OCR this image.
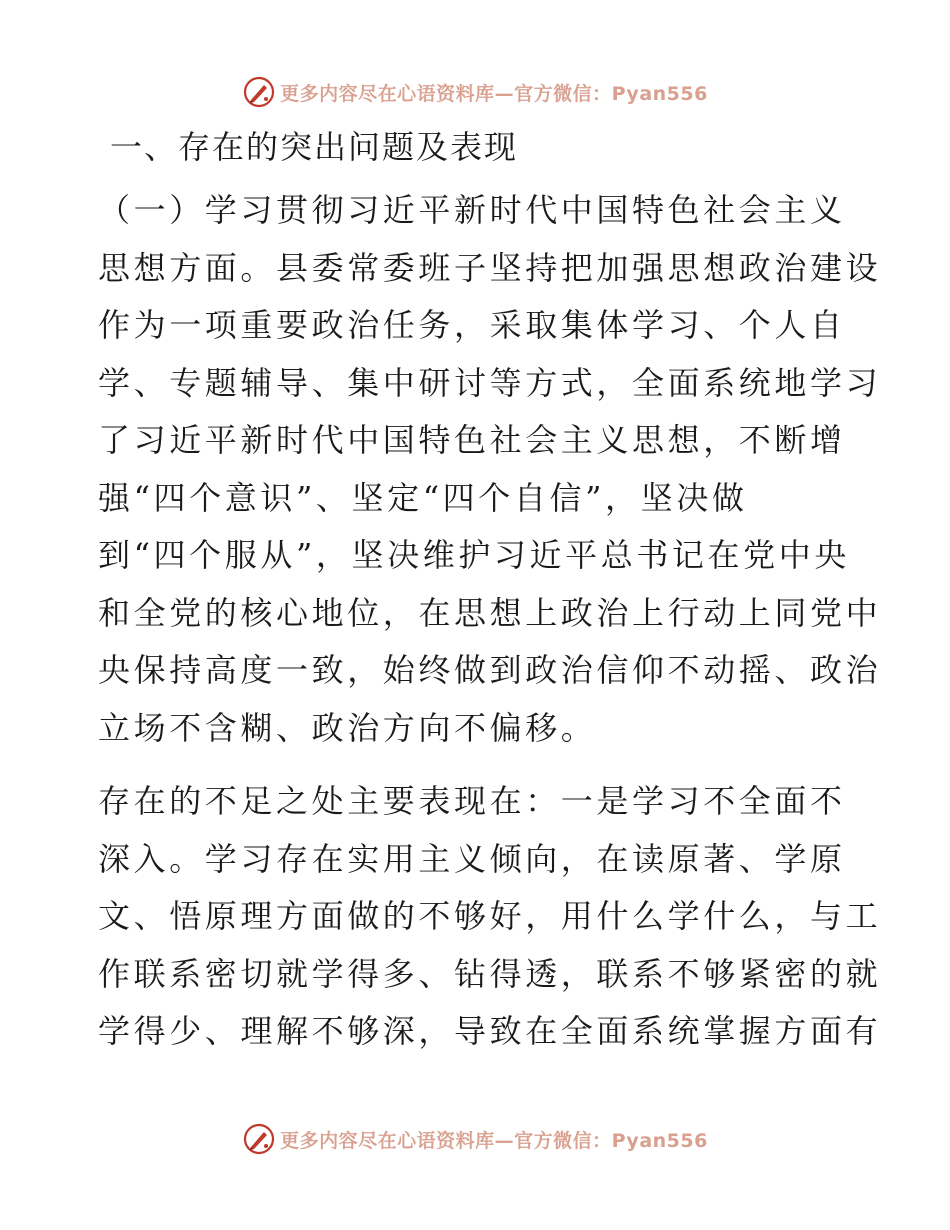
更多内容尽在心语资料库—官方微信：Pyan556
一、存在的突出问题及表现

（一）学习贯彻习近平新时代中国特色社会主义
思想方面。县委常委班子坚持把加强思想政治建设
作为一项重要政治任务，采取集体学习、个人自
学、专题辅导、集中研讨等方式，全面系统地学习
了习近平新时代中国特色社会主义思想，不断增
强“四个意识”、坚定“四个自信”，坚决做
到“四个服从”，坚决维护习近平总书记在党中央
和全党的核心地位，在思想上政治上行动上同党中
央保持高度一致，始终做到政治信仰不动摇、政治
立场不含糊、政治方向不偏移。

存在的不足之处主要表现在：一是学习不全面不
深入。学习存在实用主义倾向，在读原著、学原
文、悟原理方面做的不够好，用什么学什么，与工
作联系密切就学得多、钻得透，联系不够紧密的就
学得少、理解不够深，导致在全面系统掌握方面有

更多内容尽在心语资料库—官方微信：Pyan556
